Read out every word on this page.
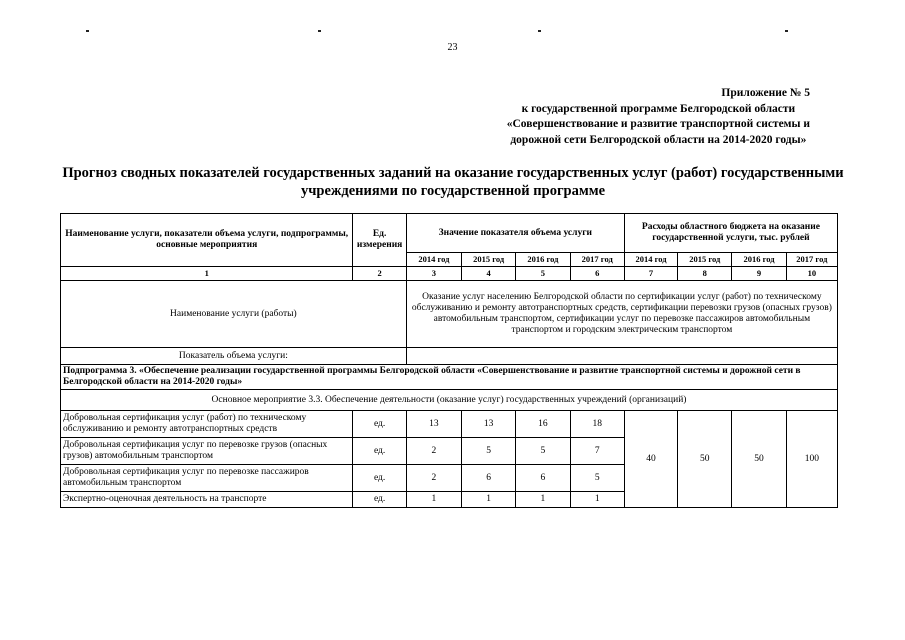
23
Приложение № 5
к государственной программе Белгородской области
«Совершенствование и развитие транспортной системы и
дорожной сети Белгородской области на 2014-2020 годы»
Прогноз сводных показателей государственных заданий на оказание государственных услуг (работ) государственными
учреждениями по государственной программе
Наименование услуги, показатели объема услуги, подпрограммы, основные мероприятия	Ед. измерения	Значение показателя объема услуги				Расходы областного бюджета на оказание государственной услуги, тыс. рублей			
		2014 год	2015 год	2016 год	2017 год	2014 год	2015 год	2016 год	2017 год
1	2	3	4	5	6	7	8	9	10
Наименование услуги (работы)		Оказание услуг населению Белгородской области по сертификации услуг (работ) по техническому обслуживанию и ремонту автотранспортных средств, сертификации перевозки грузов (опасных грузов) автомобильным транспортом, сертификации услуг по перевозке пассажиров автомобильным транспортом и городским электрическим транспортом							
Показатель объема услуги:									
Подпрограмма 3. «Обеспечение реализации государственной программы Белгородской области «Совершенствование и развитие транспортной системы и дорожной сети в Белгородской области на 2014-2020 годы»									
Основное мероприятие 3.3. Обеспечение деятельности (оказание услуг) государственных учреждений (организаций)									
Добровольная сертификация услуг (работ) по техническому обслуживанию и ремонту автотранспортных средств	ед.	13	13	16	18	40	50	50	100
Добровольная сертификация услуг по перевозке грузов (опасных грузов) автомобильным транспортом	ед.	2	5	5	7				
Добровольная сертификация услуг по перевозке пассажиров автомобильным транспортом	ед.	2	6	6	5				
Экспертно-оценочная деятельность на транспорте	ед.	1	1	1	1				
